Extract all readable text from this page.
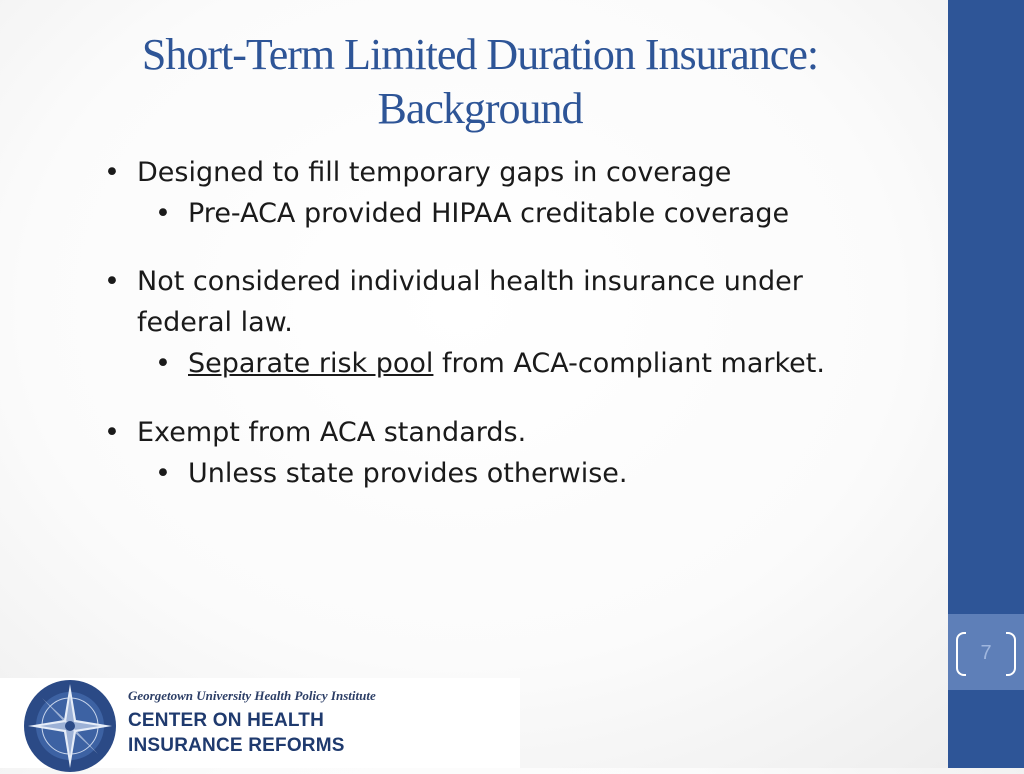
7
Short-Term Limited Duration Insurance:
Background
• Designed to fill temporary gaps in coverage
• Pre-ACA provided HIPAA creditable coverage
• Not considered individual health insurance under
federal law.
• Separate risk pool from ACA-compliant market.
• Exempt from ACA standards.
• Unless state provides otherwise.
Georgetown University Health Policy Institute
CENTER ON HEALTH
INSURANCE REFORMS
